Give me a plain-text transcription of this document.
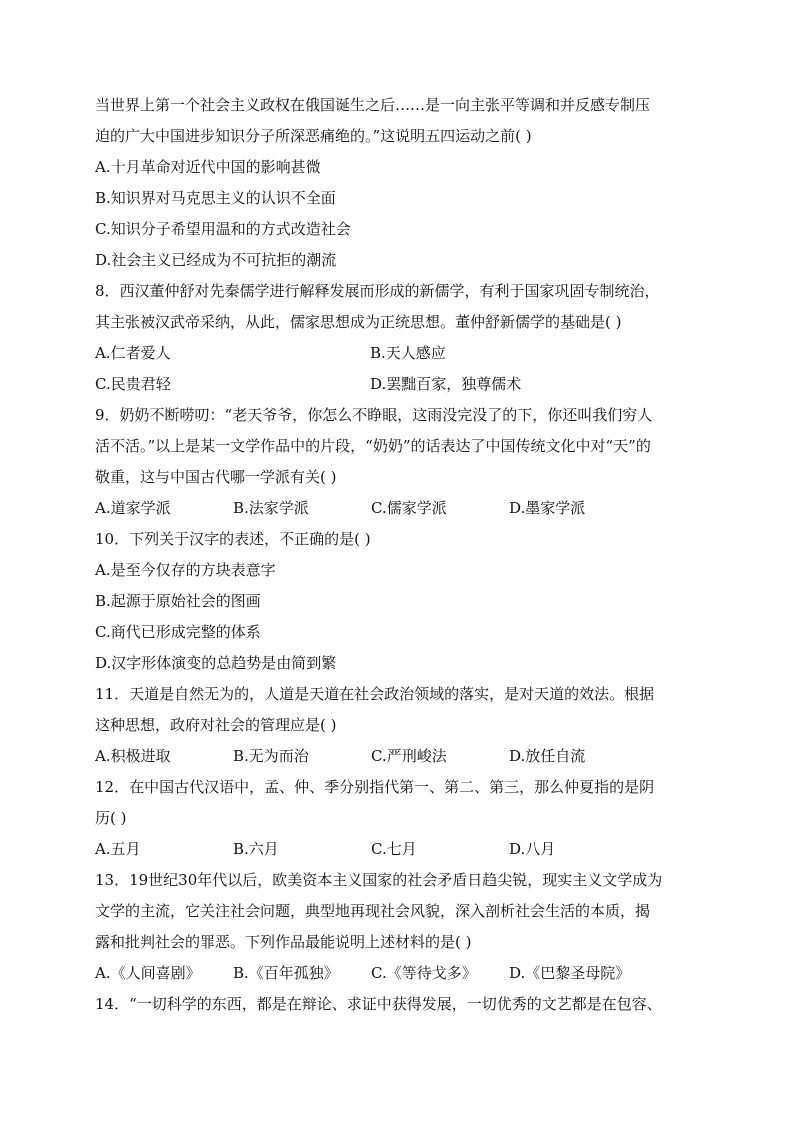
当世界上第一个社会主义政权在俄国诞生之后……是一向主张平等调和并反感专制压
迫的广大中国进步知识分子所深恶痛绝的。”这说明五四运动之前( )
A.十月革命对近代中国的影响甚微
B.知识界对马克思主义的认识不全面
C.知识分子希望用温和的方式改造社会
D.社会主义已经成为不可抗拒的潮流
8．西汉董仲舒对先秦儒学进行解释发展而形成的新儒学，有利于国家巩固专制统治，
其主张被汉武帝采纳，从此，儒家思想成为正统思想。董仲舒新儒学的基础是( )
A.仁者爱人	B.天人感应
C.民贵君轻	D.罢黜百家，独尊儒术
9．奶奶不断唠叨：“老天爷爷，你怎么不睁眼，这雨没完没了的下，你还叫我们穷人
活不活。”以上是某一文学作品中的片段，“奶奶”的话表达了中国传统文化中对“天”的
敬重，这与中国古代哪一学派有关( )
A.道家学派	B.法家学派	C.儒家学派	D.墨家学派
10．下列关于汉字的表述，不正确的是( )
A.是至今仅存的方块表意字
B.起源于原始社会的图画
C.商代已形成完整的体系
D.汉字形体演变的总趋势是由简到繁
11．天道是自然无为的，人道是天道在社会政治领域的落实，是对天道的效法。根据
这种思想，政府对社会的管理应是( )
A.积极进取	B.无为而治	C.严刑峻法	D.放任自流
12．在中国古代汉语中，孟、仲、季分别指代第一、第二、第三，那么仲夏指的是阴
历( )
A.五月	B.六月	C.七月	D.八月
13．19世纪30年代以后，欧美资本主义国家的社会矛盾日趋尖锐，现实主义文学成为
文学的主流，它关注社会问题，典型地再现社会风貌，深入剖析社会生活的本质，揭
露和批判社会的罪恶。下列作品最能说明上述材料的是( )
A.《人间喜剧》	B.《百年孤独》	C.《等待戈多》	D.《巴黎圣母院》
14．“一切科学的东西，都是在辩论、求证中获得发展，一切优秀的文艺都是在包容、
